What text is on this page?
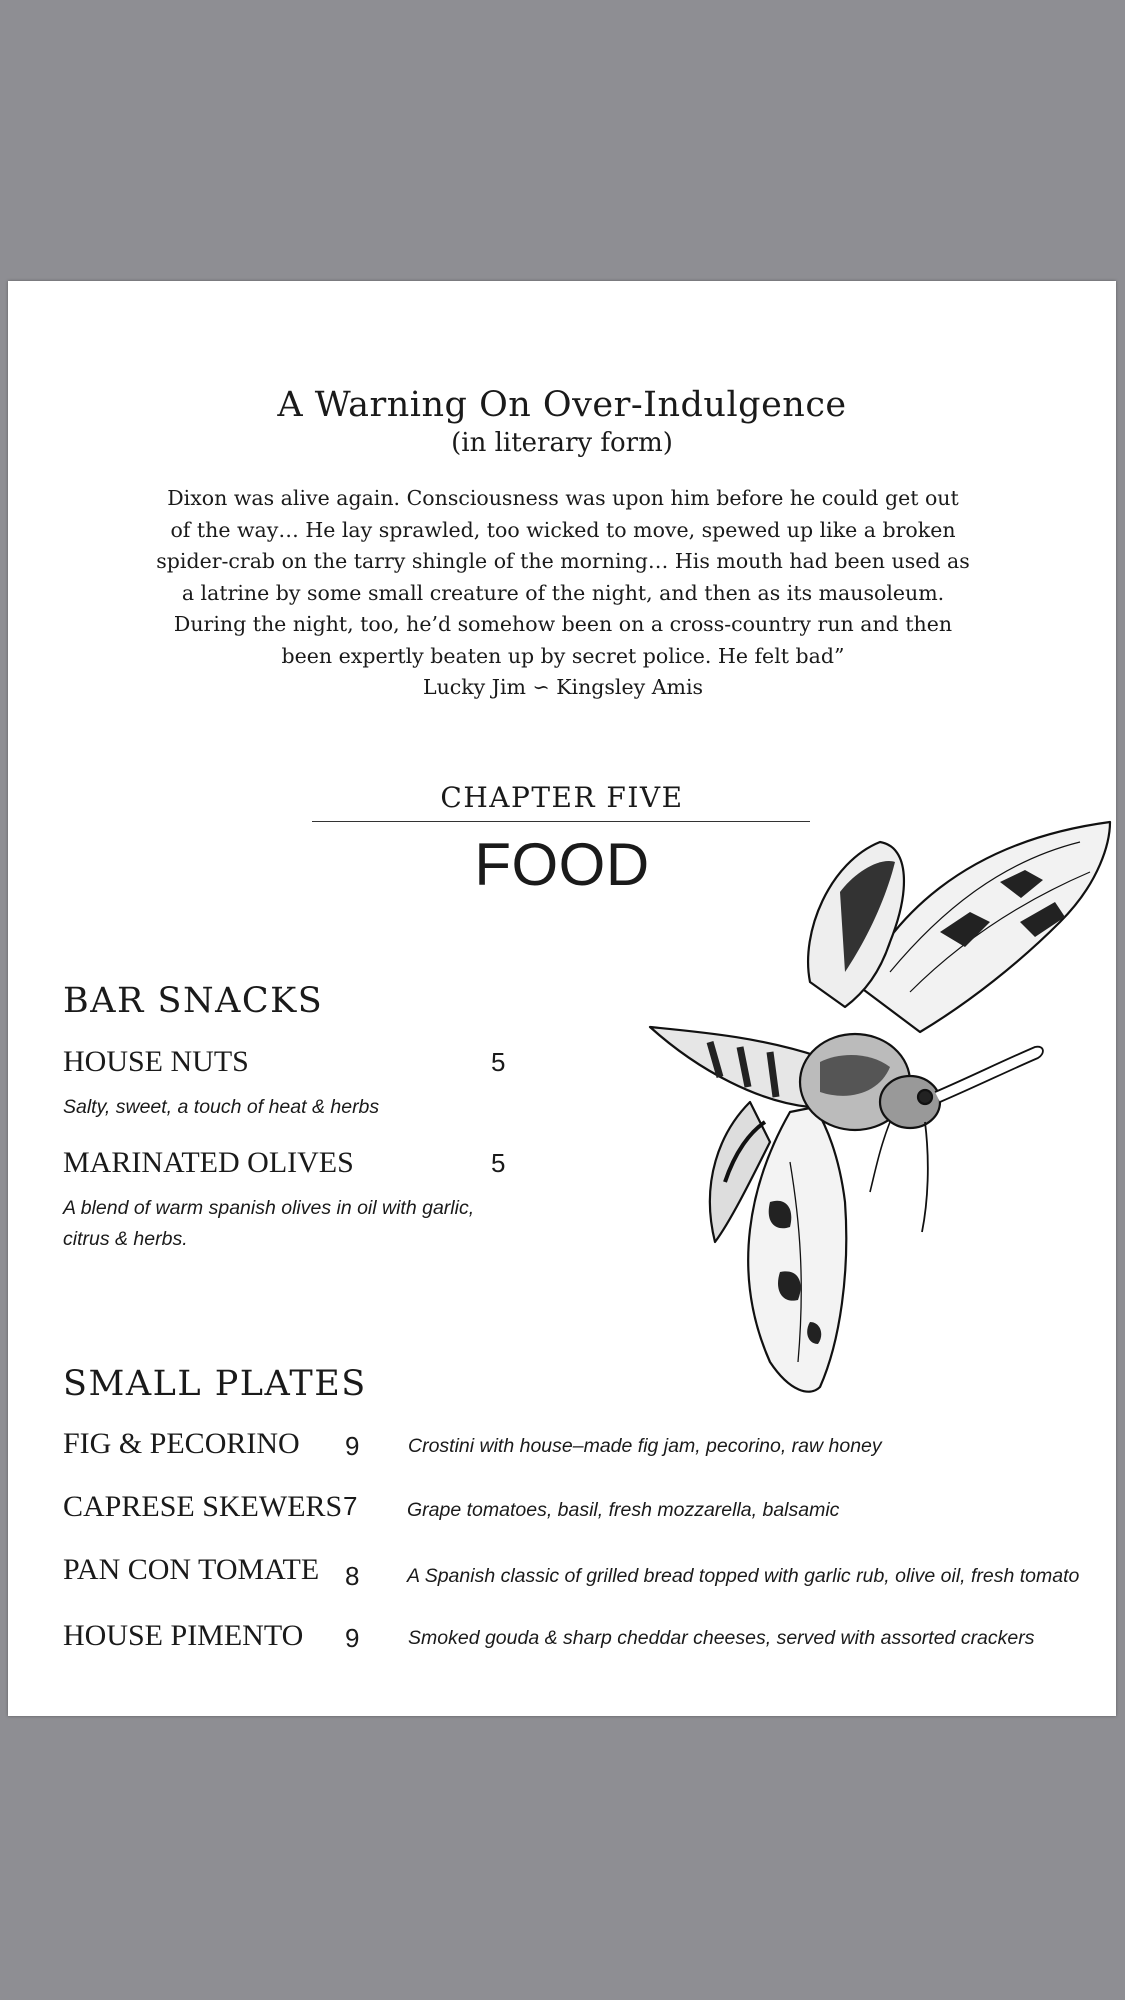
A Warning On Over-Indulgence
(in literary form)
Dixon was alive again. Consciousness was upon him before he could get out
of the way… He lay sprawled, too wicked to move, spewed up like a broken
spider-crab on the tarry shingle of the morning… His mouth had been used as
a latrine by some small creature of the night, and then as its mausoleum.
During the night, too, he’d somehow been on a cross-country run and then
been expertly beaten up by secret police. He felt bad”
Lucky Jim ∽ Kingsley Amis
CHAPTER FIVE
FOOD
BAR SNACKS
HOUSE NUTS	5
Salty, sweet, a touch of heat & herbs
MARINATED OLIVES	5
A blend of warm spanish olives in oil with garlic,
citrus & herbs.
SMALL PLATES
FIG & PECORINO 9 Crostini with house–made fig jam, pecorino, raw honey
CAPRESE SKEWERS 7	Grape tomatoes, basil, fresh mozzarella, balsamic
PAN CON TOMATE 8 A Spanish classic of grilled bread topped with garlic rub, olive oil, fresh tomato
HOUSE PIMENTO 9 Smoked gouda & sharp cheddar cheeses, served with assorted crackers
